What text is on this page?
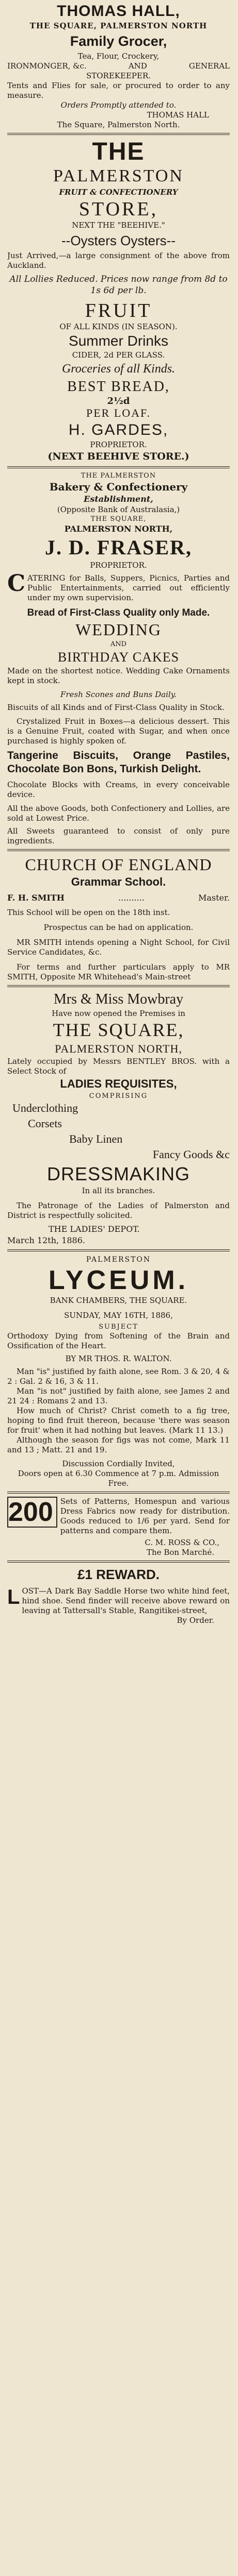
THOMAS HALL,

THE SQUARE, PALMERSTON NORTH

Family Grocer,

Tea, Flour, Crockery,

IRONMONGER, &c.	AND	GENERAL

STOREKEEPER.

Tents and Flies for sale, or procured to order to any measure.

Orders Promptly attended to.

THOMAS HALL

The Square, Palmerston North.

THE

PALMERSTON

FRUIT & CONFECTIONERY

STORE,

NEXT THE "BEEHIVE."

--Oysters Oysters--

Just Arrived,—a large consignment of the above from Auckland.

All Lollies Reduced. Prices now range from 8d to 1s 6d per lb.

FRUIT

OF ALL KINDS (IN SEASON).

Summer Drinks

CIDER, 2d PER GLASS.

Groceries of all Kinds.

BEST BREAD,

2½d

PER LOAF.

H. GARDES,

PROPRIETOR.

(NEXT BEEHIVE STORE.)

THE PALMERSTON

Bakery & Confectionery

Establishment,

(Opposite Bank of Australasia,)

THE SQUARE,

PALMERSTON NORTH,

J. D. FRASER,

PROPRIETOR.

C ATERING for Balls, Suppers, Picnics, Parties and Public Entertainments, carried out efficiently under my own supervision.

Bread of First-Class Quality only Made.

WEDDING

AND

BIRTHDAY CAKES

Made on the shortest notice. Wedding Cake Ornaments kept in stock.

Fresh Scones and Buns Daily.

Biscuits of all Kinds and of First-Class Quality in Stock.

Crystalized Fruit in Boxes—a delicious dessert. This is a Genuine Fruit, coated with Sugar, and when once purchased is highly spoken of.

Tangerine Biscuits, Orange Pastiles, Chocolate Bon Bons, Turkish Delight.

Chocolate Blocks with Creams, in every conceivable device.

All the above Goods, both Confectionery and Lollies, are sold at Lowest Price.

All Sweets guaranteed to consist of only pure ingredients.

CHURCH OF ENGLAND

Grammar School.

F. H. SMITH	..........	Master.

This School will be open on the 18th inst.

Prospectus can be had on application.

MR SMITH intends opening a Night School, for Civil Service Candidates, &c.

For terms and further particulars apply to MR SMITH, Opposite MR Whitehead's Main-street

Mrs & Miss Mowbray

Have now opened the Premises in

THE SQUARE,

PALMERSTON NORTH,

Lately occupied by Messrs BENTLEY BROS. with a Select Stock of

LADIES REQUISITES,

COMPRISING

Underclothing

Corsets

Baby Linen

Fancy Goods &c

DRESSMAKING

In all its branches.

The Patronage of the Ladies of Palmerston and District is respectfully solicited.

THE LADIES' DEPOT.

March 12th, 1886.

PALMERSTON

LYCEUM.

BANK CHAMBERS, THE SQUARE.

SUNDAY, MAY 16TH, 1886,

SUBJECT

Orthodoxy Dying from Softening of the Brain and Ossification of the Heart.

BY MR THOS. R. WALTON.

Man "is" justified by faith alone, see Rom. 3 & 20, 4 & 2 : Gal. 2 & 16, 3 & 11.

Man "is not" justified by faith alone, see James 2 and 21 24 : Romans 2 and 13.

How much of Christ? Christ cometh to a fig tree, hoping to find fruit thereon, because 'there was season for fruit' when it had nothing but leaves. (Mark 11 13.)

Although the season for figs was not come, Mark 11 and 13 ; Matt. 21 and 19.

Discussion Cordially Invited,

Doors open at 6.30 Commence at 7 p.m. Admission Free.

200 Sets of Patterns, Homespun and various Dress Fabrics now ready for distribution. Goods reduced to 1/6 per yard. Send for patterns and compare them.

C. M. ROSS & CO.,

The Bon Marché.

£1 REWARD.

L OST—A Dark Bay Saddle Horse two white hind feet, hind shoe. Send finder will receive above reward on leaving at Tattersall's Stable, Rangitikei-street,

By Order.
